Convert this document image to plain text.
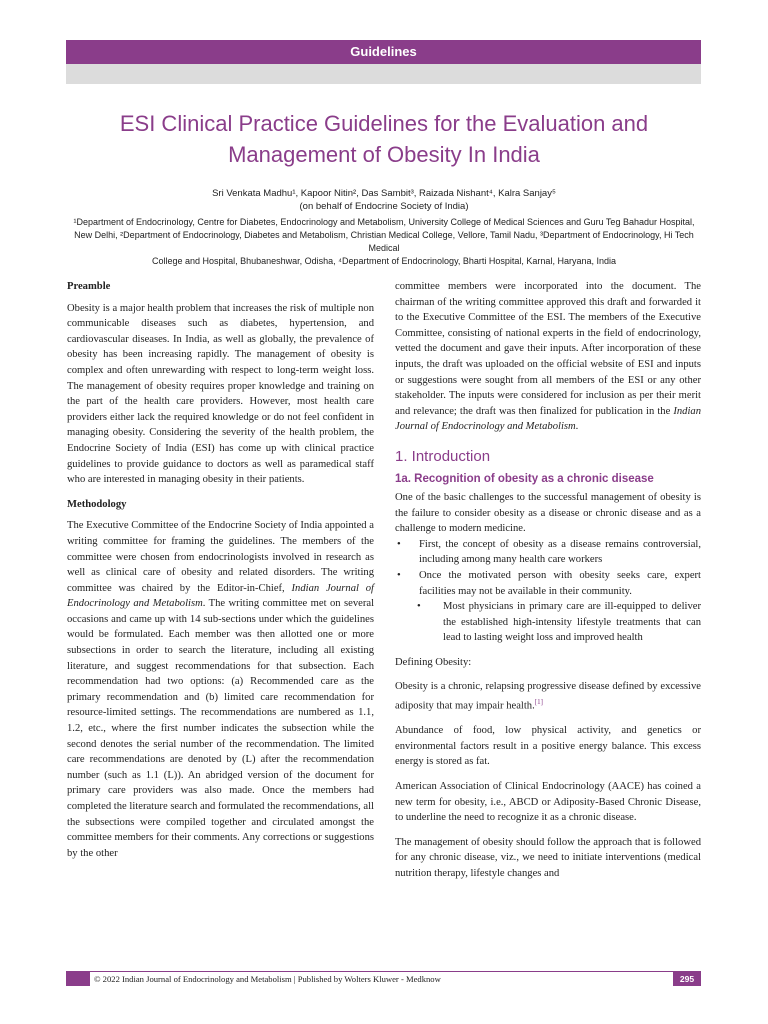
Guidelines
ESI Clinical Practice Guidelines for the Evaluation and
Management of Obesity In India
Sri Venkata Madhu¹, Kapoor Nitin², Das Sambit³, Raizada Nishant⁴, Kalra Sanjay⁵
(on behalf of Endocrine Society of India)
¹Department of Endocrinology, Centre for Diabetes, Endocrinology and Metabolism, University College of Medical Sciences and Guru Teg Bahadur Hospital,
New Delhi, ²Department of Endocrinology, Diabetes and Metabolism, Christian Medical College, Vellore, Tamil Nadu, ³Department of Endocrinology, Hi Tech Medical
College and Hospital, Bhubaneshwar, Odisha, ⁴Department of Endocrinology, Bharti Hospital, Karnal, Haryana, India
Preamble

Obesity is a major health problem that increases the risk of multiple non communicable diseases such as diabetes, hypertension, and cardiovascular diseases. In India, as well as globally, the prevalence of obesity has been increasing rapidly. The management of obesity is complex and often unrewarding with respect to long-term weight loss. The management of obesity requires proper knowledge and training on the part of the health care providers. However, most health care providers either lack the required knowledge or do not feel confident in managing obesity. Considering the severity of the health problem, the Endocrine Society of India (ESI) has come up with clinical practice guidelines to provide guidance to doctors as well as paramedical staff who are interested in managing obesity in their patients.

Methodology

The Executive Committee of the Endocrine Society of India appointed a writing committee for framing the guidelines. The members of the committee were chosen from endocrinologists involved in research as well as clinical care of obesity and related disorders. The writing committee was chaired by the Editor-in-Chief, Indian Journal of Endocrinology and Metabolism. The writing committee met on several occasions and came up with 14 sub-sections under which the guidelines would be formulated. Each member was then allotted one or more subsections in order to search the literature, including all existing literature, and suggest recommendations for that subsection. Each recommendation had two options: (a) Recommended care as the primary recommendation and (b) limited care recommendation for resource-limited settings. The recommendations are numbered as 1.1, 1.2, etc., where the first number indicates the subsection while the second denotes the serial number of the recommendation. The limited care recommendations are denoted by (L) after the recommendation number (such as 1.1 (L)). An abridged version of the document for primary care providers was also made. Once the members had completed the literature search and formulated the recommendations, all the subsections were compiled together and circulated amongst the committee members for their comments. Any corrections or suggestions by the other

committee members were incorporated into the document. The chairman of the writing committee approved this draft and forwarded it to the Executive Committee of the ESI. The members of the Executive Committee, consisting of national experts in the field of endocrinology, vetted the document and gave their inputs. After incorporation of these inputs, the draft was uploaded on the official website of ESI and inputs or suggestions were sought from all members of the ESI or any other stakeholder. The inputs were considered for inclusion as per their merit and relevance; the draft was then finalized for publication in the Indian Journal of Endocrinology and Metabolism.

1. Introduction
1a. Recognition of obesity as a chronic disease

One of the basic challenges to the successful management of obesity is the failure to consider obesity as a disease or chronic disease and as a challenge to modern medicine.

• First, the concept of obesity as a disease remains controversial, including among many health care workers
• Once the motivated person with obesity seeks care, expert facilities may not be available in their community.
• Most physicians in primary care are ill-equipped to deliver the established high-intensity lifestyle treatments that can lead to lasting weight loss and improved health

Defining Obesity:

Obesity is a chronic, relapsing progressive disease defined by excessive adiposity that may impair health.[1]

Abundance of food, low physical activity, and genetics or environmental factors result in a positive energy balance. This excess energy is stored as fat.

American Association of Clinical Endocrinology (AACE) has coined a new term for obesity, i.e., ABCD or Adiposity-Based Chronic Disease, to underline the need to recognize it as a chronic disease.

The management of obesity should follow the approach that is followed for any chronic disease, viz., we need to initiate interventions (medical nutrition therapy, lifestyle changes and

© 2022 Indian Journal of Endocrinology and Metabolism | Published by Wolters Kluwer - Medknow	295
